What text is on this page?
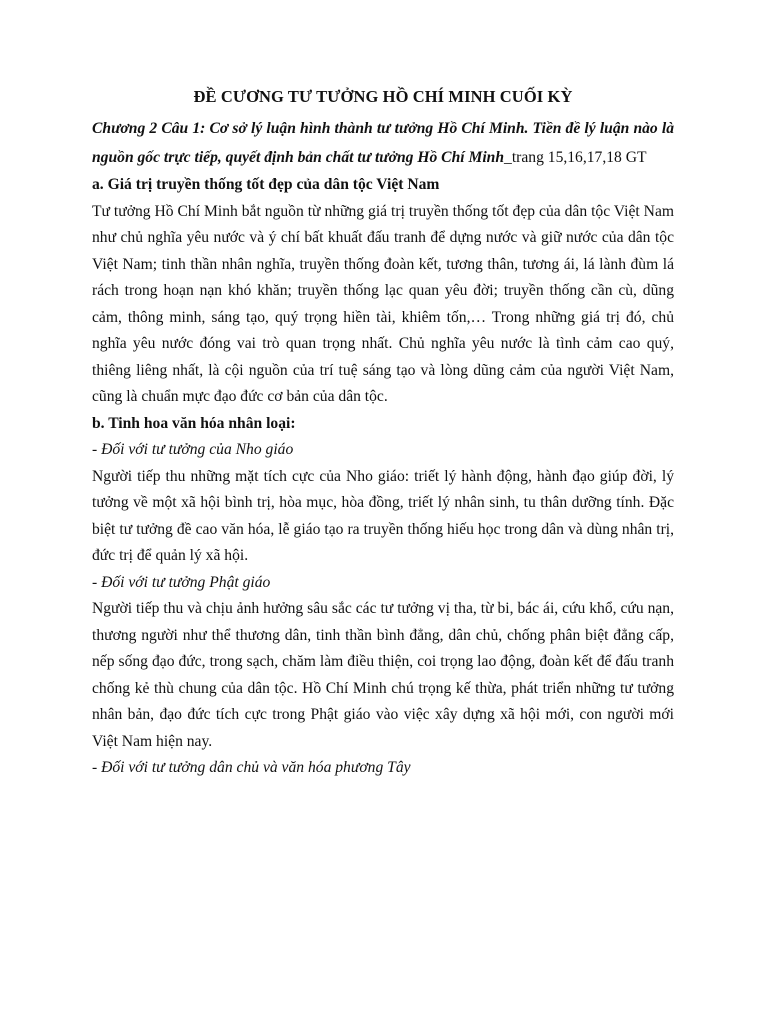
ĐỀ CƯƠNG TƯ TƯỞNG HỒ CHÍ MINH CUỐI KỲ

Chương 2 Câu 1: Cơ sở lý luận hình thành tư tưởng Hồ Chí Minh. Tiền đề lý luận nào là nguồn gốc trực tiếp, quyết định bản chất tư tưởng Hồ Chí Minh_trang 15,16,17,18 GT

a. Giá trị truyền thống tốt đẹp của dân tộc Việt Nam

Tư tưởng Hồ Chí Minh bắt nguồn từ những giá trị truyền thống tốt đẹp của dân tộc Việt Nam như chủ nghĩa yêu nước và ý chí bất khuất đấu tranh để dựng nước và giữ nước của dân tộc Việt Nam; tinh thần nhân nghĩa, truyền thống đoàn kết, tương thân, tương ái, lá lành đùm lá rách trong hoạn nạn khó khăn; truyền thống lạc quan yêu đời; truyền thống cần cù, dũng cảm, thông minh, sáng tạo, quý trọng hiền tài, khiêm tốn,… Trong những giá trị đó, chủ nghĩa yêu nước đóng vai trò quan trọng nhất. Chủ nghĩa yêu nước là tình cảm cao quý, thiêng liêng nhất, là cội nguồn của trí tuệ sáng tạo và lòng dũng cảm của người Việt Nam, cũng là chuẩn mực đạo đức cơ bản của dân tộc.

b. Tinh hoa văn hóa nhân loại:

- Đối với tư tưởng của Nho giáo

Người tiếp thu những mặt tích cực của Nho giáo: triết lý hành động, hành đạo giúp đời, lý tưởng về một xã hội bình trị, hòa mục, hòa đồng, triết lý nhân sinh, tu thân dưỡng tính. Đặc biệt tư tưởng đề cao văn hóa, lễ giáo tạo ra truyền thống hiếu học trong dân và dùng nhân trị, đức trị để quản lý xã hội.

- Đối với tư tưởng Phật giáo

Người tiếp thu và chịu ảnh hưởng sâu sắc các tư tưởng vị tha, từ bi, bác ái, cứu khổ, cứu nạn, thương người như thể thương dân, tinh thần bình đẳng, dân chủ, chống phân biệt đẳng cấp, nếp sống đạo đức, trong sạch, chăm làm điều thiện, coi trọng lao động, đoàn kết để đấu tranh chống kẻ thù chung của dân tộc. Hồ Chí Minh chú trọng kế thừa, phát triển những tư tưởng nhân bản, đạo đức tích cực trong Phật giáo vào việc xây dựng xã hội mới, con người mới Việt Nam hiện nay.

- Đối với tư tưởng dân chủ và văn hóa phương Tây
